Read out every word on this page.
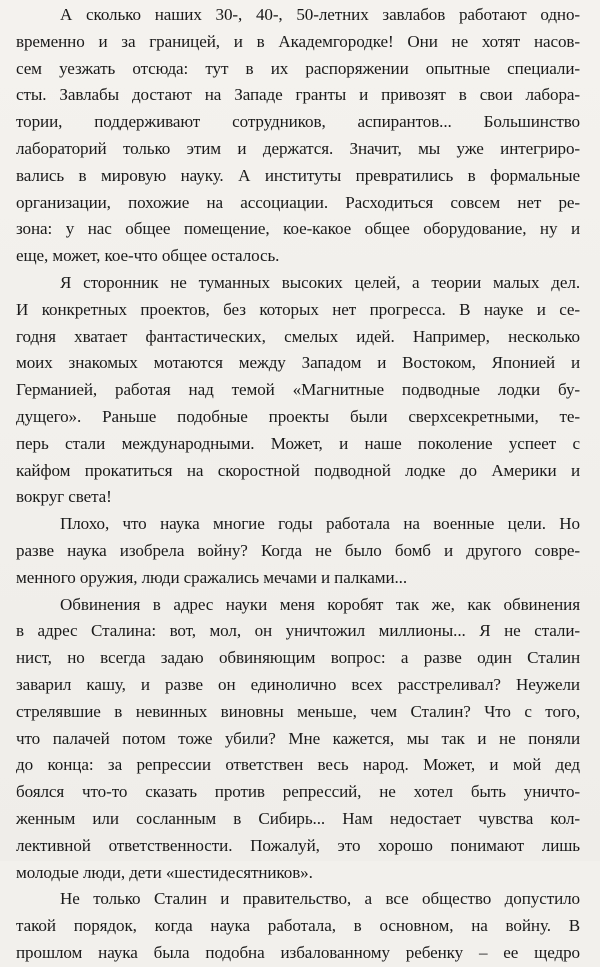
А сколько наших 30-, 40-, 50-летних завлабов работают одно-
временно и за границей, и в Академгородке! Они не хотят насов-
сем уезжать отсюда: тут в их распоряжении опытные специали-
сты. Завлабы достают на Западе гранты и привозят в свои лабора-
тории, поддерживают сотрудников, аспирантов... Большинство
лабораторий только этим и держатся. Значит, мы уже интегриро-
вались в мировую науку. А институты превратились в формальные
организации, похожие на ассоциации. Расходиться совсем нет ре-
зона: у нас общее помещение, кое-какое общее оборудование, ну и
еще, может, кое-что общее осталось.

Я сторонник не туманных высоких целей, а теории малых дел.
И конкретных проектов, без которых нет прогресса. В науке и се-
годня хватает фантастических, смелых идей. Например, несколько
моих знакомых мотаются между Западом и Востоком, Японией и
Германией, работая над темой «Магнитные подводные лодки бу-
дущего». Раньше подобные проекты были сверхсекретными, те-
перь стали международными. Может, и наше поколение успеет с
кайфом прокатиться на скоростной подводной лодке до Америки и
вокруг света!

Плохо, что наука многие годы работала на военные цели. Но
разве наука изобрела войну? Когда не было бомб и другого совре-
менного оружия, люди сражались мечами и палками...

Обвинения в адрес науки меня коробят так же, как обвинения
в адрес Сталина: вот, мол, он уничтожил миллионы... Я не стали-
нист, но всегда задаю обвиняющим вопрос: а разве один Сталин
заварил кашу, и разве он единолично всех расстреливал? Неужели
стрелявшие в невинных виновны меньше, чем Сталин? Что с того,
что палачей потом тоже убили? Мне кажется, мы так и не поняли
до конца: за репрессии ответствен весь народ. Может, и мой дед
боялся что-то сказать против репрессий, не хотел быть уничто-
женным или сосланным в Сибирь... Нам недостает чувства кол-
лективной ответственности. Пожалуй, это хорошо понимают лишь
молодые люди, дети «шестидесятников».

Не только Сталин и правительство, а все общество допустило
такой порядок, когда наука работала, в основном, на войну. В
прошлом наука была подобна избалованному ребенку – ее щедро
